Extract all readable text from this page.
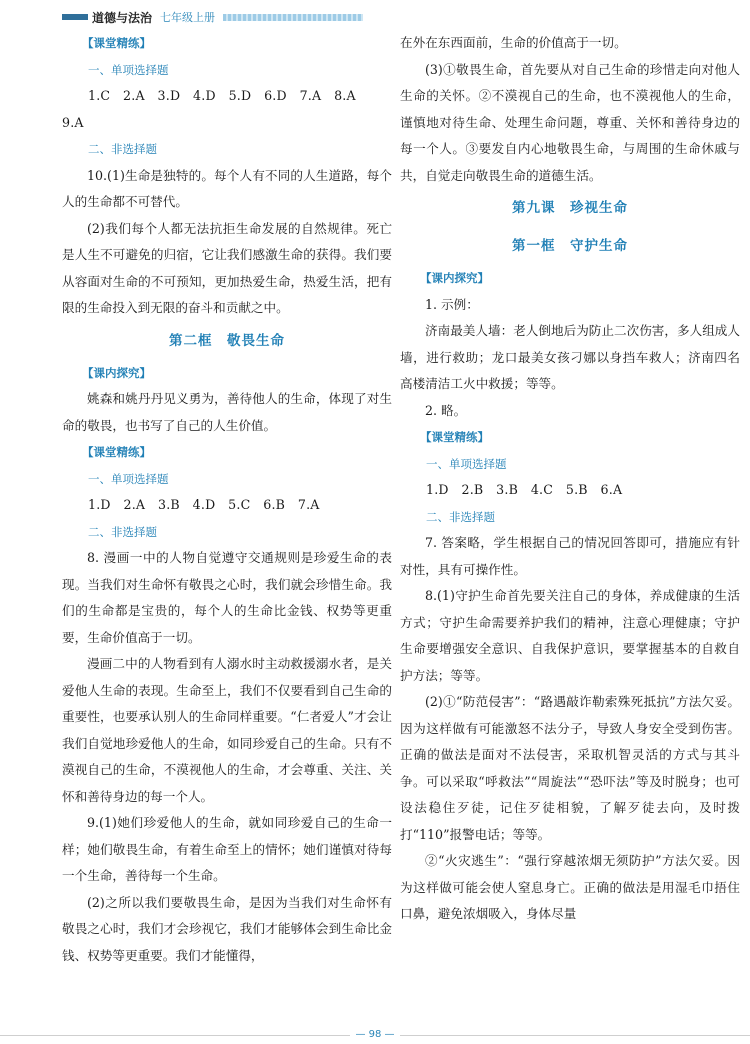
道德与法治 七年级上册

【课堂精练】

一、单项选择题

1.C　2.A　3.D　4.D　5.D　6.D　7.A　8.A

9.A

二、非选择题

10.(1)生命是独特的。每个人有不同的人生道路，每个人的生命都不可替代。

(2)我们每个人都无法抗拒生命发展的自然规律。死亡是人生不可避免的归宿，它让我们感激生命的获得。我们要从容面对生命的不可预知，更加热爱生命，热爱生活，把有限的生命投入到无限的奋斗和贡献之中。

第二框　敬畏生命

【课内探究】

姚森和姚丹丹见义勇为，善待他人的生命，体现了对生命的敬畏，也书写了自己的人生价值。

【课堂精练】

一、单项选择题

1.D　2.A　3.B　4.D　5.C　6.B　7.A

二、非选择题

8. 漫画一中的人物自觉遵守交通规则是珍爱生命的表现。当我们对生命怀有敬畏之心时，我们就会珍惜生命。我们的生命都是宝贵的，每个人的生命比金钱、权势等更重要，生命价值高于一切。

漫画二中的人物看到有人溺水时主动救援溺水者，是关爱他人生命的表现。生命至上，我们不仅要看到自己生命的重要性，也要承认别人的生命同样重要。“仁者爱人”才会让我们自觉地珍爱他人的生命，如同珍爱自己的生命。只有不漠视自己的生命，不漠视他人的生命，才会尊重、关注、关怀和善待身边的每一个人。

9.(1)她们珍爱他人的生命，就如同珍爱自己的生命一样；她们敬畏生命，有着生命至上的情怀；她们谨慎对待每一个生命，善待每一个生命。

(2)之所以我们要敬畏生命，是因为当我们对生命怀有敬畏之心时，我们才会珍视它，我们才能够体会到生命比金钱、权势等更重要。我们才能懂得，

在外在东西面前，生命的价值高于一切。

(3)①敬畏生命，首先要从对自己生命的珍惜走向对他人生命的关怀。②不漠视自己的生命，也不漠视他人的生命，谨慎地对待生命、处理生命问题，尊重、关怀和善待身边的每一个人。③要发自内心地敬畏生命，与周围的生命休戚与共，自觉走向敬畏生命的道德生活。

第九课　珍视生命

第一框　守护生命

【课内探究】

1. 示例：

济南最美人墙：老人倒地后为防止二次伤害，多人组成人墙，进行救助；龙口最美女孩刁娜以身挡车救人；济南四名高楼清洁工火中救援；等等。

2. 略。

【课堂精练】

一、单项选择题

1.D　2.B　3.B　4.C　5.B　6.A

二、非选择题

7. 答案略，学生根据自己的情况回答即可，措施应有针对性，具有可操作性。

8.(1)守护生命首先要关注自己的身体，养成健康的生活方式；守护生命需要养护我们的精神，注意心理健康；守护生命要增强安全意识、自我保护意识，要掌握基本的自救自护方法；等等。

(2)①“防范侵害”：“路遇敲诈勒索殊死抵抗”方法欠妥。因为这样做有可能激怒不法分子，导致人身安全受到伤害。正确的做法是面对不法侵害，采取机智灵活的方式与其斗争。可以采取“呼救法”“周旋法”“恐吓法”等及时脱身；也可设法稳住歹徒，记住歹徒相貌，了解歹徒去向，及时拨打“110”报警电话；等等。

②“火灾逃生”：“强行穿越浓烟无须防护”方法欠妥。因为这样做可能会使人窒息身亡。正确的做法是用湿毛巾捂住口鼻，避免浓烟吸入，身体尽量

— 98 —
